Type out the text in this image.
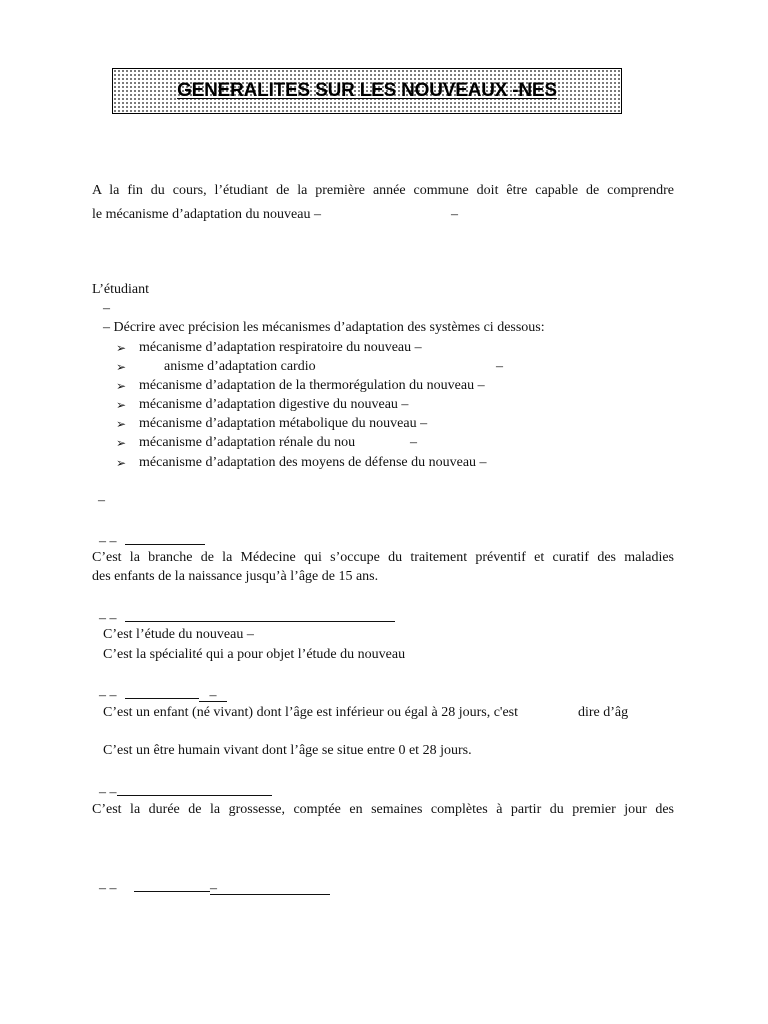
GENERALITES SUR LES NOUVEAUX -NES
A la fin du cours, l’étudiant de la première année commune doit être capable de comprendre
le mécanisme d’adaptation du nouveau –	–
L’étudiant
–
– Décrire avec précision les mécanismes d’adaptation des systèmes ci dessous:
➢ mécanisme d’adaptation respiratoire du nouveau –
➢	anisme d’adaptation cardio	–
➢ mécanisme d’adaptation de la thermorégulation du nouveau –
➢ mécanisme d’adaptation digestive du nouveau –
➢ mécanisme d’adaptation métabolique du nouveau –
➢ mécanisme d’adaptation rénale du nou	–
➢ mécanisme d’adaptation des moyens de défense du nouveau –
–
– –
C’est la branche de la Médecine qui s’occupe du traitement préventif et curatif des maladies
des enfants de la naissance jusqu’à l’âge de 15 ans.
– –
C’est l’étude du nouveau –
C’est la spécialité qui a pour objet l’étude du nouveau
– –	–
C’est un enfant (né vivant) dont l’âge est inférieur ou égal à 28 jours, c'est	dire d’âg
C’est un être humain vivant dont l’âge se situe entre 0 et 28 jours.
– –
C’est la durée de la grossesse, comptée en semaines complètes à partir du premier jour des
– –	–
